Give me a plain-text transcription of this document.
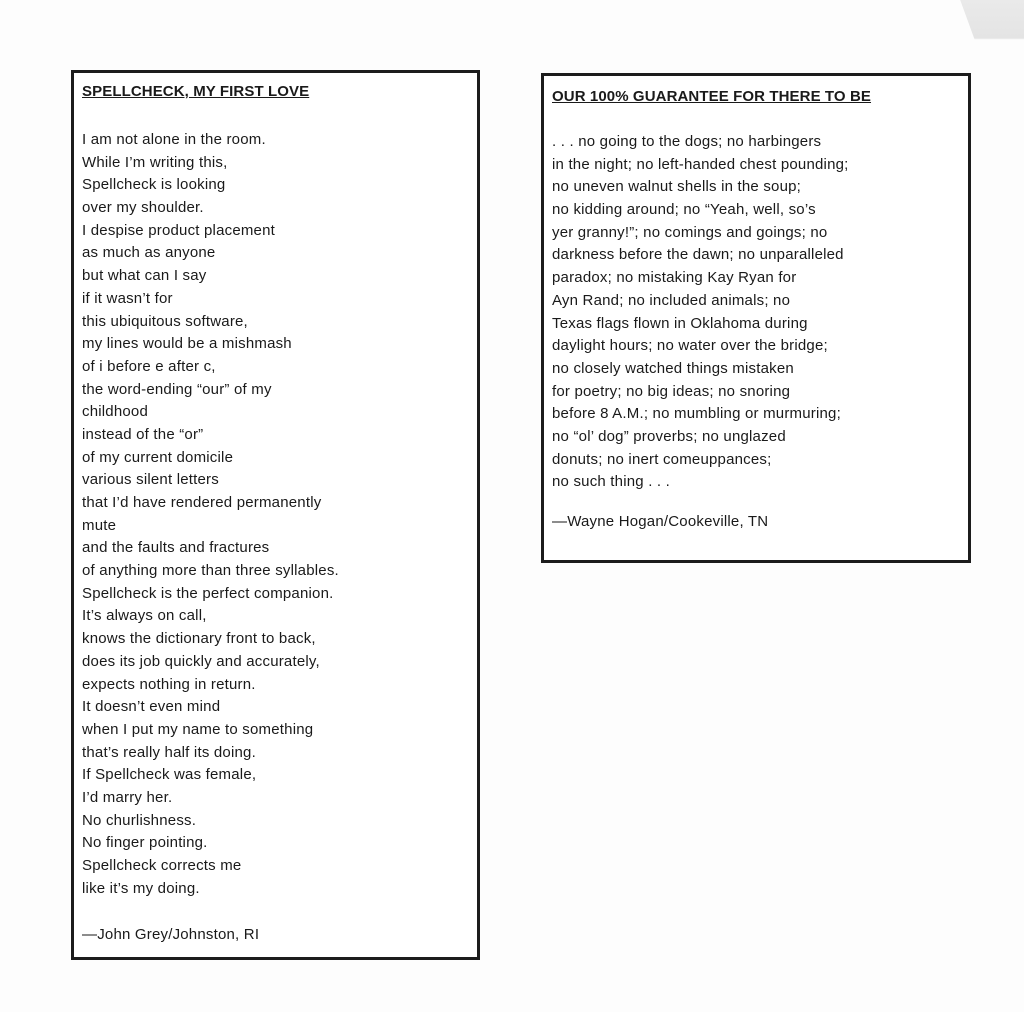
SPELLCHECK, MY FIRST LOVE
I am not alone in the room.
While I’m writing this,
Spellcheck is looking
over my shoulder.
I despise product placement
as much as anyone
but what can I say
if it wasn’t for
this ubiquitous software,
my lines would be a mishmash
of i before e after c,
the word-ending “our” of my
childhood
instead of the “or”
of my current domicile
various silent letters
that I’d have rendered permanently
mute
and the faults and fractures
of anything more than three syllables.
Spellcheck is the perfect companion.
It’s always on call,
knows the dictionary front to back,
does its job quickly and accurately,
expects nothing in return.
It doesn’t even mind
when I put my name to something
that’s really half its doing.
If Spellcheck was female,
I’d marry her.
No churlishness.
No finger pointing.
Spellcheck corrects me
like it’s my doing.
—John Grey/Johnston, RI
OUR 100% GUARANTEE FOR THERE TO BE
. . . no going to the dogs; no harbingers
in the night; no left-handed chest pounding;
no uneven walnut shells in the soup;
no kidding around; no “Yeah, well, so’s
yer granny!”; no comings and goings; no
darkness before the dawn; no unparalleled
paradox; no mistaking Kay Ryan for
Ayn Rand; no included animals; no
Texas flags flown in Oklahoma during
daylight hours; no water over the bridge;
no closely watched things mistaken
for poetry; no big ideas; no snoring
before 8 A.M.; no mumbling or murmuring;
no “ol’ dog” proverbs; no unglazed
donuts; no inert comeuppances;
no such thing . . .
—Wayne Hogan/Cookeville, TN
